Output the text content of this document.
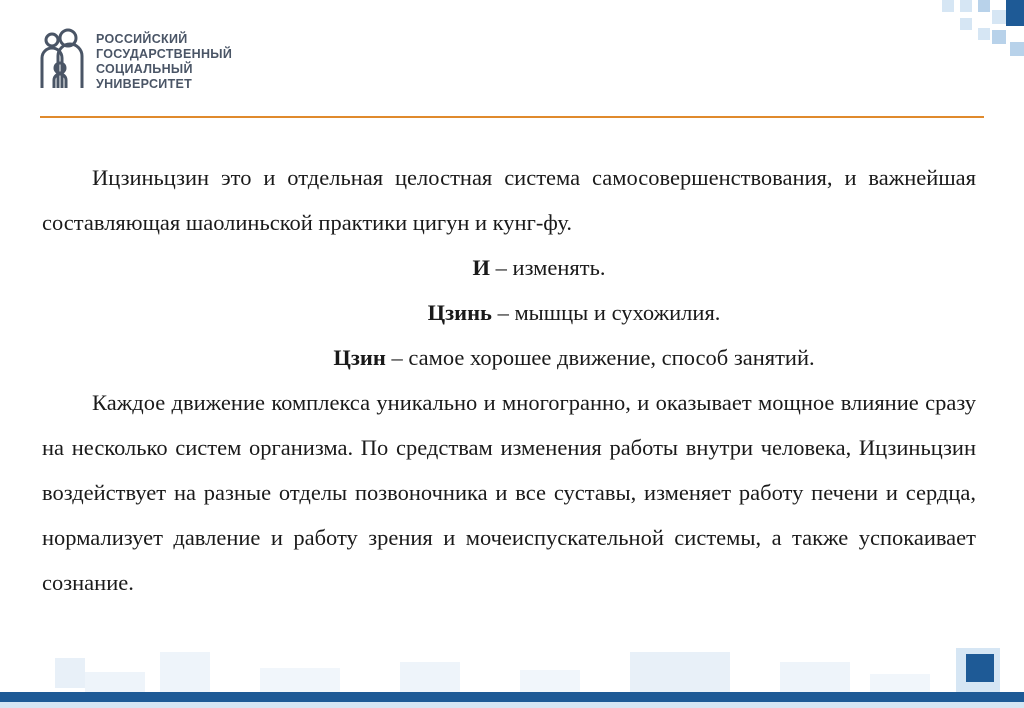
РОССИЙСКИЙ
ГОСУДАРСТВЕННЫЙ
СОЦИАЛЬНЫЙ
УНИВЕРСИТЕТ

Ицзиньцзин это и отдельная целостная система самосовершенствования, и важнейшая составляющая шаолиньской практики цигун и кунг-фу.

И – изменять.

Цзинь – мышцы и сухожилия.

Цзин – самое хорошее движение, способ занятий.

Каждое движение комплекса уникально и многогранно, и оказывает мощное влияние сразу на несколько систем организма. По средствам изменения работы внутри человека, Ицзиньцзин воздействует на разные отделы позвоночника и все суставы, изменяет работу печени и сердца, нормализует давление и работу зрения и мочеиспускательной системы, а также успокаивает сознание.
